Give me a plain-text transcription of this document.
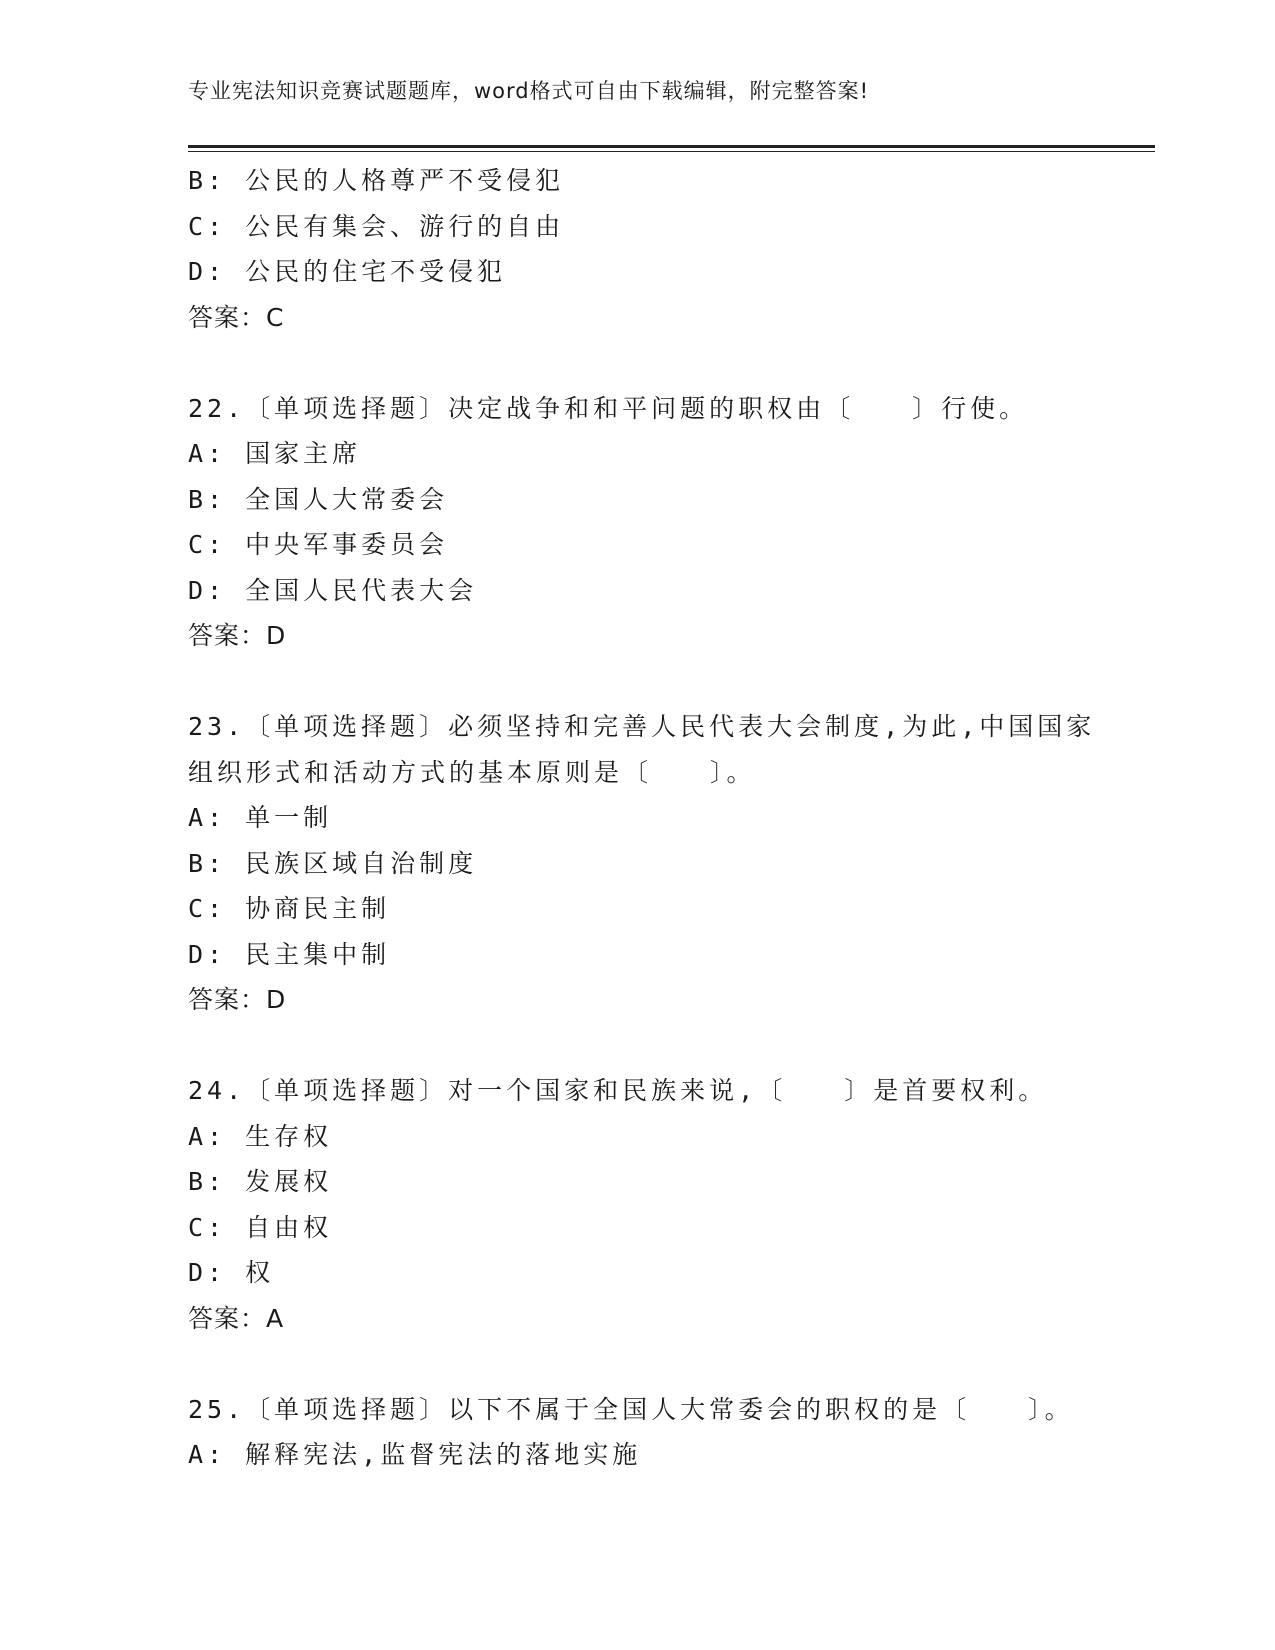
专业宪法知识竞赛试题题库，word格式可自由下载编辑，附完整答案!
B: 公民的人格尊严不受侵犯
C: 公民有集会、游行的自由
D: 公民的住宅不受侵犯
答案：C
22.〔单项选择题〕决定战争和和平问题的职权由〔　　〕行使。
A: 国家主席
B: 全国人大常委会
C: 中央军事委员会
D: 全国人民代表大会
答案：D
23.〔单项选择题〕必须坚持和完善人民代表大会制度,为此,中国国家
组织形式和活动方式的基本原则是〔　　〕。
A: 单一制
B: 民族区域自治制度
C: 协商民主制
D: 民主集中制
答案：D
24.〔单项选择题〕对一个国家和民族来说,〔　　〕是首要权利。
A: 生存权
B: 发展权
C: 自由权
D: 权
答案：A
25.〔单项选择题〕以下不属于全国人大常委会的职权的是〔　　〕。
A: 解释宪法,监督宪法的落地实施
